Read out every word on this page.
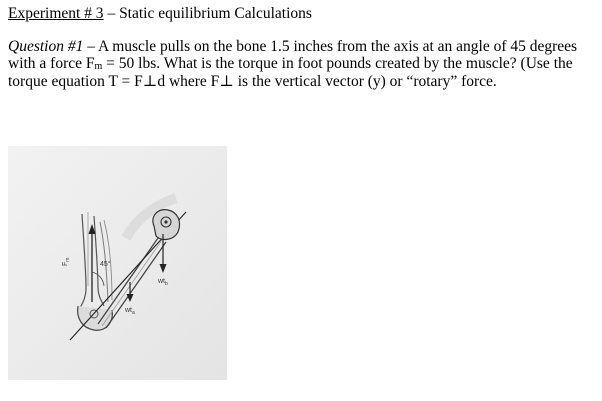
Experiment # 3 – Static equilibrium Calculations
Question #1 – A muscle pulls on the bone 1.5 inches from the axis at an angle of 45 degrees with a force $F_m = 50$ lbs. What is the torque in foot pounds created by the muscle? (Use the torque equation T = F⊥d where F⊥ is the vertical vector (y) or “rotary” force.
$F_m$
45°
$wt_b$
$wt_a$
